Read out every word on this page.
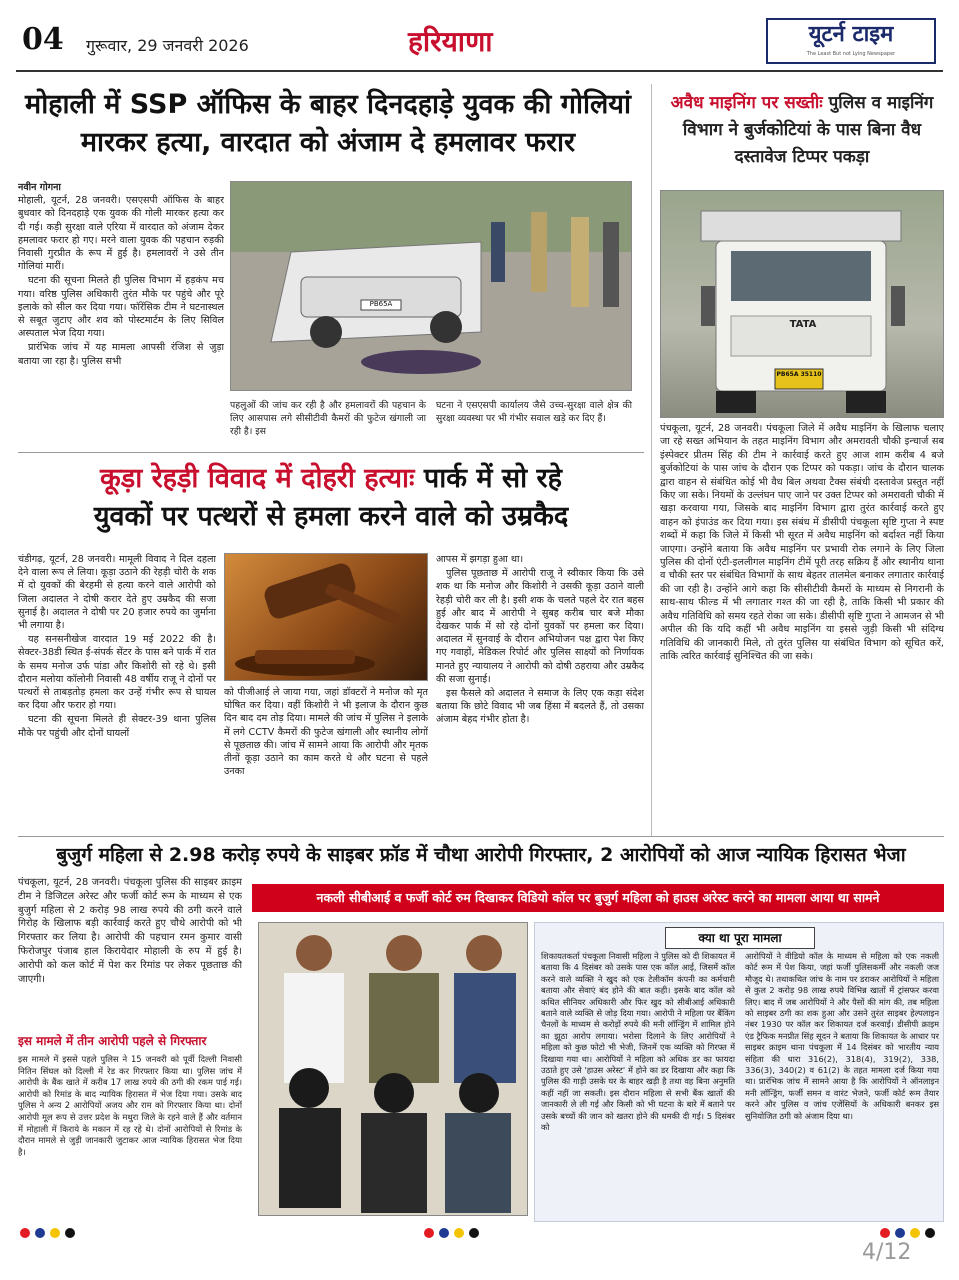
04 गुरूवार, 29 जनवरी 2026	हरियाणा	यूटर्न टाइम
The Least But not Lying Newspaper
मोहाली में SSP ऑफिस के बाहर दिनदहाड़े युवक की गोलियां मारकर हत्या, वारदात को अंजाम दे हमलावर फरार
नवीन गोगना

मोहाली, यूटर्न, 28 जनवरी। एसएसपी ऑफिस के बाहर बुधवार को दिनदहाड़े एक युवक की गोली मारकर हत्या कर दी गई। कड़ी सुरक्षा वाले एरिया में वारदात को अंजाम देकर हमलावर फरार हो गए। मरने वाला युवक की पहचान रुड़की निवासी गुरप्रीत के रूप में हुई है। हमलावरों ने उसे तीन गोलियां मारीं।

घटना की सूचना मिलते ही पुलिस विभाग में हड़कंप मच गया। वरिष्ठ पुलिस अधिकारी तुरंत मौके पर पहुंचे और पूरे इलाके को सील कर दिया गया। फॉरेंसिक टीम ने घटनास्थल से सबूत जुटाए और शव को पोस्टमार्टम के लिए सिविल अस्पताल भेज दिया गया।

प्रारंभिक जांच में यह मामला आपसी रंजिश से जुड़ा बताया जा रहा है। पुलिस सभी

PB65A
पहलुओं की जांच कर रही है और हमलावरों की पहचान के लिए आसपास लगे सीसीटीवी कैमरों की फुटेज खंगाली जा रही है। इस
घटना ने एसएसपी कार्यालय जैसे उच्च-सुरक्षा वाले क्षेत्र की सुरक्षा व्यवस्था पर भी गंभीर सवाल खड़े कर दिए हैं।
कूड़ा रेहड़ी विवाद में दोहरी हत्याः पार्क में सो रहे
युवकों पर पत्थरों से हमला करने वाले को उम्रकैद

चंडीगढ़, यूटर्न, 28 जनवरी। मामूली विवाद ने दिल दहला देने वाला रूप ले लिया। कूड़ा उठाने की रेहड़ी चोरी के शक में दो युवकों की बेरहमी से हत्या करने वाले आरोपी को जिला अदालत ने दोषी करार देते हुए उम्रकैद की सजा सुनाई है। अदालत ने दोषी पर 20 हजार रुपये का जुर्माना भी लगाया है।

यह सनसनीखेज वारदात 19 मई 2022 की है। सेक्टर-38डी स्थित ई-संपर्क सेंटर के पास बने पार्क में रात के समय मनोज उर्फ पांडा और किशोरी सो रहे थे। इसी दौरान मलोया कॉलोनी निवासी 48 वर्षीय राजू ने दोनों पर पत्थरों से ताबड़तोड़ हमला कर उन्हें गंभीर रूप से घायल कर दिया और फरार हो गया।

घटना की सूचना मिलते ही सेक्टर-39 थाना पुलिस मौके पर पहुंची और दोनों घायलों

को पीजीआई ले जाया गया, जहां डॉक्टरों ने मनोज को मृत घोषित कर दिया। वहीं किशोरी ने भी इलाज के दौरान कुछ दिन बाद दम तोड़ दिया। मामले की जांच में पुलिस ने इलाके में लगे CCTV कैमरों की फुटेज खंगाली और स्थानीय लोगों से पूछताछ की। जांच में सामने आया कि आरोपी और मृतक तीनों कूड़ा उठाने का काम करते थे और घटना से पहले उनका

आपस में झगड़ा हुआ था।

पुलिस पूछताछ में आरोपी राजू ने स्वीकार किया कि उसे शक था कि मनोज और किशोरी ने उसकी कूड़ा उठाने वाली रेहड़ी चोरी कर ली है। इसी शक के चलते पहले देर रात बहस हुई और बाद में आरोपी ने सुबह करीब चार बजे मौका देखकर पार्क में सो रहे दोनों युवकों पर हमला कर दिया। अदालत में सुनवाई के दौरान अभियोजन पक्ष द्वारा पेश किए गए गवाहों, मेडिकल रिपोर्ट और पुलिस साक्ष्यों को निर्णायक मानते हुए न्यायालय ने आरोपी को दोषी ठहराया और उम्रकैद की सजा सुनाई।

इस फैसले को अदालत ने समाज के लिए एक कड़ा संदेश बताया कि छोटे विवाद भी जब हिंसा में बदलते हैं, तो उसका अंजाम बेहद गंभीर होता है।

अवैध माइनिंग पर सख्तीः पुलिस व माइनिंग विभाग ने बुर्जकोटियां के पास बिना वैध दस्तावेज टिप्पर पकड़ा
TATA
PB65A 35110

पंचकूला, यूटर्न, 28 जनवरी। पंचकूला जिले में अवैध माइनिंग के खिलाफ चलाए जा रहे सख्त अभियान के तहत माइनिंग विभाग और अमरावती चौकी इन्चार्ज सब इंस्पेक्टर प्रीतम सिंह की टीम ने कार्रवाई करते हुए आज शाम करीब 4 बजे बुर्जकोटियां के पास जांच के दौरान एक टिप्पर को पकड़ा। जांच के दौरान चालक द्वारा वाहन से संबंधित कोई भी वैध बिल अथवा टैक्स संबंधी दस्तावेज प्रस्तुत नहीं किए जा सके। नियमों के उल्लंघन पाए जाने पर उक्त टिप्पर को अमरावती चौकी में खड़ा करवाया गया, जिसके बाद माइनिंग विभाग द्वारा तुरंत कार्रवाई करते हुए वाहन को इंपाउंड कर दिया गया। इस संबंध में डीसीपी पंचकूला सृष्टि गुप्ता ने स्पष्ट शब्दों में कहा कि जिले में किसी भी सूरत में अवैध माइनिंग को बर्दाश्त नहीं किया जाएगा। उन्होंने बताया कि अवैध माइनिंग पर प्रभावी रोक लगाने के लिए जिला पुलिस की दोनों एंटी-इललीगल माइनिंग टीमें पूरी तरह सक्रिय हैं और स्थानीय थाना व चौकी स्तर पर संबंधित विभागों के साथ बेहतर तालमेल बनाकर लगातार कार्रवाई की जा रही है। उन्होंने आगे कहा कि सीसीटीवी कैमरों के माध्यम से निगरानी के साथ-साथ फील्ड में भी लगातार गश्त की जा रही है, ताकि किसी भी प्रकार की अवैध गतिविधि को समय रहते रोका जा सके। डीसीपी सृष्टि गुप्ता ने आमजन से भी अपील की कि यदि कहीं भी अवैध माइनिंग या इससे जुड़ी किसी भी संदिग्ध गतिविधि की जानकारी मिले, तो तुरंत पुलिस या संबंधित विभाग को सूचित करें, ताकि त्वरित कार्रवाई सुनिश्चित की जा सके।

बुजुर्ग महिला से 2.98 करोड़ रुपये के साइबर फ्रॉड में चौथा आरोपी गिरफ्तार, 2 आरोपियों को आज न्यायिक हिरासत भेजा

पंचकूला, यूटर्न, 28 जनवरी। पंचकूला पुलिस की साइबर क्राइम टीम ने डिजिटल अरेस्ट और फर्जी कोर्ट रूम के माध्यम से एक बुजुर्ग महिला से 2 करोड़ 98 लाख रुपये की ठगी करने वाले गिरोह के खिलाफ बड़ी कार्रवाई करते हुए चौथे आरोपी को भी गिरफ्तार कर लिया है। आरोपी की पहचान रमन कुमार वासी फिरोजपुर पंजाब हाल किरायेदार मोहाली के रुप में हुई है। आरोपी को कल कोर्ट में पेश कर रिमांड पर लेकर पूछताछ की जाएगी।

इस मामले में तीन आरोपी पहले से गिरफ्तार

इस मामले में इससे पहले पुलिस ने 15 जनवरी को पूर्वी दिल्ली निवासी नितिन सिंघल को दिल्ली में रेड कर गिरफ्तार किया था। पुलिस जांच में आरोपी के बैंक खाते में करीब 17 लाख रुपये की ठगी की रकम पाई गई। आरोपी को रिमांड के बाद न्यायिक हिरासत में भेज दिया गया। उसके बाद पुलिस ने अन्य 2 आरोपियों अजय और राम को गिरफ्तार किया था। दोनों आरोपी मूल रूप से उत्तर प्रदेश के मथुरा जिले के रहने वाले हैं और वर्तमान में मोहाली में किराये के मकान में रह रहे थे। दोनों आरोपियों से रिमांड के दौरान मामले से जुड़ी जानकारी जुटाकर आज न्यायिक हिरासत भेज दिया है।

नकली सीबीआई व फर्जी कोर्ट रुम दिखाकर विडियो कॉल पर बुजुर्ग महिला को हाउस अरेस्ट करने का मामला आया था सामने
क्या था पूरा मामला

शिकायतकर्ता पंचकूला निवासी महिला ने पुलिस को दी शिकायत में बताया कि 4 दिसंबर को उसके पास एक कॉल आई, जिसमें कॉल करने वाले व्यक्ति ने खुद को एक टेलीकॉम कंपनी का कर्मचारी बताया और सेवाएं बंद होने की बात कही। इसके बाद कॉल को कथित सीनियर अधिकारी और फिर खुद को सीबीआई अधिकारी बताने वाले व्यक्ति से जोड़ दिया गया। आरोपी ने महिला पर बैंकिंग चैनलों के माध्यम से करोड़ों रुपये की मनी लॉन्ड्रिंग में शामिल होने का झूठा आरोप लगाया। भरोसा दिलाने के लिए आरोपियों ने महिला को कुछ फोटो भी भेजी, जिनमें एक व्यक्ति को गिरफ्त में दिखाया गया था। आरोपियों ने महिला को अधिक डर का फायदा उठाते हुए उसे 'हाउस अरेस्ट' में होने का डर दिखाया और कहा कि पुलिस की गाड़ी उसके घर के बाहर खड़ी है तथा वह बिना अनुमति कहीं नहीं जा सकती। इस दौरान महिला से सभी बैंक खातों की जानकारी ले ली गई और किसी को भी घटना के बारे में बताने पर उसके बच्चों की जान को खतरा होने की धमकी दी गई। 5 दिसंबर को

आरोपियों ने वीडियो कॉल के माध्यम से महिला को एक नकली कोर्ट रूम में पेश किया, जहां फर्जी पुलिसकर्मी और नकली जज मौजूद थे। तथाकथित जांच के नाम पर डराकर आरोपियों ने महिला से कुल 2 करोड़ 98 लाख रुपये विभिन्न खातों में ट्रांसफर करवा लिए। बाद में जब आरोपियों ने और पैसों की मांग की, तब महिला को साइबर ठगी का शक हुआ और उसने तुरंत साइबर हेल्पलाइन नंबर 1930 पर कॉल कर शिकायत दर्ज करवाई। डीसीपी क्राइम एंड ट्रैफिक मनप्रीत सिंह सूदन ने बताया कि शिकायत के आधार पर साइबर क्राइम थाना पंचकूला में 14 दिसंबर को भारतीय न्याय संहिता की धारा 316(2), 318(4), 319(2), 338, 336(3), 340(2) व 61(2) के तहत मामला दर्ज किया गया था। प्रारंभिक जांच में सामने आया है कि आरोपियों ने ऑनलाइन मनी लॉन्ड्रिंग, फर्जी समन व वारंट भेजने, फर्जी कोर्ट रूम तैयार करने और पुलिस व जांच एजेंसियों के अधिकारी बनकर इस सुनियोजित ठगी को अंजाम दिया था।

4/12
